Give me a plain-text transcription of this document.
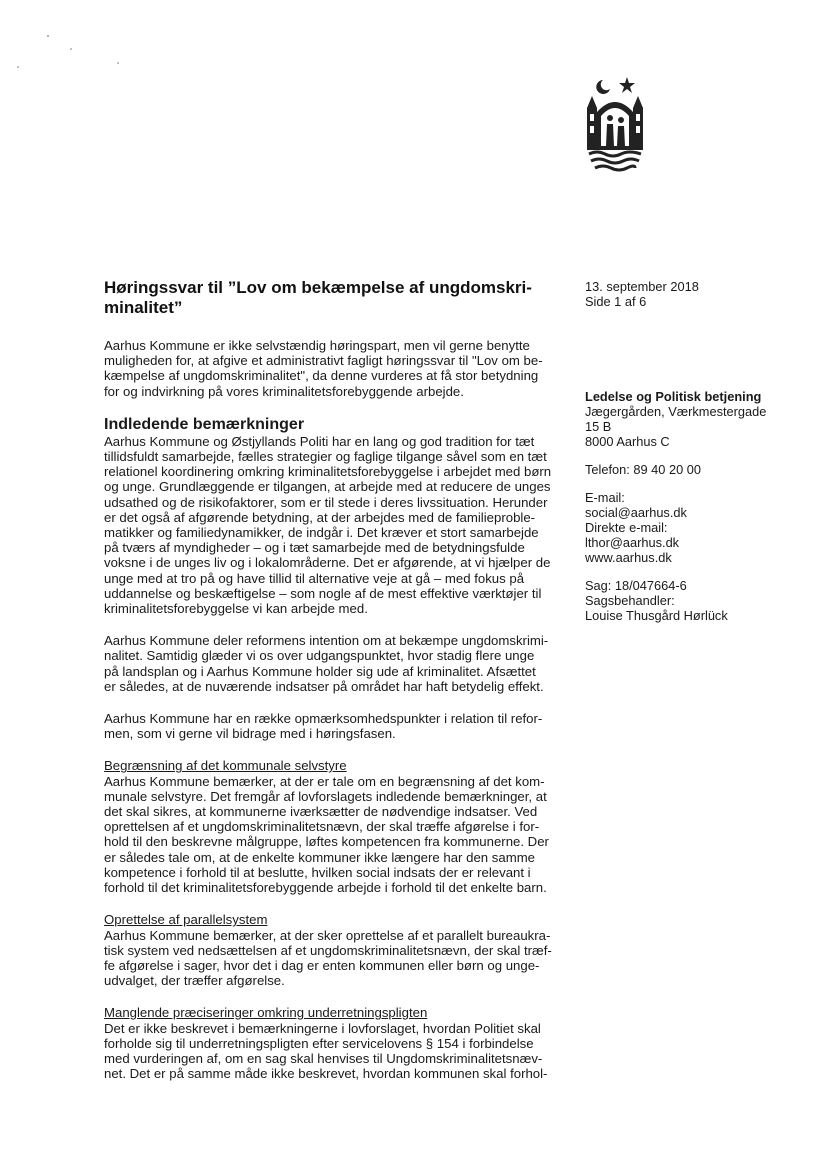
Høringssvar til ”Lov om bekæmpelse af ungdomskri-
minalitet”
Aarhus Kommune er ikke selvstændig høringspart, men vil gerne benytte
muligheden for, at afgive et administrativt fagligt høringssvar til "Lov om be-
kæmpelse af ungdomskriminalitet", da denne vurderes at få stor betydning
for og indvirkning på vores kriminalitetsforebyggende arbejde.
Indledende bemærkninger
Aarhus Kommune og Østjyllands Politi har en lang og god tradition for tæt
tillidsfuldt samarbejde, fælles strategier og faglige tilgange såvel som en tæt
relationel koordinering omkring kriminalitetsforebyggelse i arbejdet med børn
og unge. Grundlæggende er tilgangen, at arbejde med at reducere de unges
udsathed og de risikofaktorer, som er til stede i deres livssituation. Herunder
er det også af afgørende betydning, at der arbejdes med de familieproble-
matikker og familiedynamikker, de indgår i. Det kræver et stort samarbejde
på tværs af myndigheder – og i tæt samarbejde med de betydningsfulde
voksne i de unges liv og i lokalområderne. Det er afgørende, at vi hjælper de
unge med at tro på og have tillid til alternative veje at gå – med fokus på
uddannelse og beskæftigelse – som nogle af de mest effektive værktøjer til
kriminalitetsforebyggelse vi kan arbejde med.
Aarhus Kommune deler reformens intention om at bekæmpe ungdomskrimi-
nalitet. Samtidig glæder vi os over udgangspunktet, hvor stadig flere unge
på landsplan og i Aarhus Kommune holder sig ude af kriminalitet. Afsættet
er således, at de nuværende indsatser på området har haft betydelig effekt.
Aarhus Kommune har en række opmærksomhedspunkter i relation til refor-
men, som vi gerne vil bidrage med i høringsfasen.
Begrænsning af det kommunale selvstyre
Aarhus Kommune bemærker, at der er tale om en begrænsning af det kom-
munale selvstyre. Det fremgår af lovforslagets indledende bemærkninger, at
det skal sikres, at kommunerne iværksætter de nødvendige indsatser. Ved
oprettelsen af et ungdomskriminalitetsnævn, der skal træffe afgørelse i for-
hold til den beskrevne målgruppe, løftes kompetencen fra kommunerne. Der
er således tale om, at de enkelte kommuner ikke længere har den samme
kompetence i forhold til at beslutte, hvilken social indsats der er relevant i
forhold til det kriminalitetsforebyggende arbejde i forhold til det enkelte barn.
Oprettelse af parallelsystem
Aarhus Kommune bemærker, at der sker oprettelse af et parallelt bureaukra-
tisk system ved nedsættelsen af et ungdomskriminalitetsnævn, der skal træf-
fe afgørelse i sager, hvor det i dag er enten kommunen eller børn og unge-
udvalget, der træffer afgørelse.
Manglende præciseringer omkring underretningspligten
Det er ikke beskrevet i bemærkningerne i lovforslaget, hvordan Politiet skal
forholde sig til underretningspligten efter servicelovens § 154 i forbindelse
med vurderingen af, om en sag skal henvises til Ungdomskriminalitetsnæv-
net. Det er på samme måde ikke beskrevet, hvordan kommunen skal forhol-
13. september 2018
Side 1 af 6
Ledelse og Politisk betjening
Jægergården, Værkmestergade
15 B
8000 Aarhus C
Telefon: 89 40 20 00
E-mail:
social@aarhus.dk
Direkte e-mail:
lthor@aarhus.dk
www.aarhus.dk
Sag: 18/047664-6
Sagsbehandler:
Louise Thusgård Hørlück
